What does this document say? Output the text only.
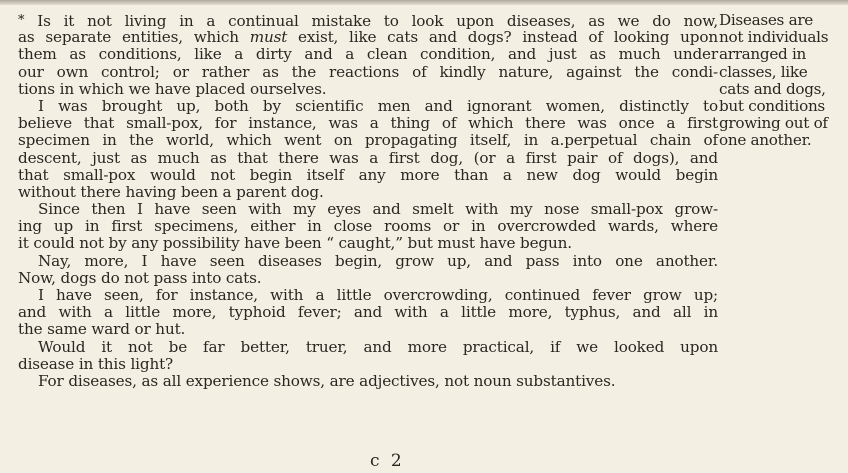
* Is it not living in a continual mistake to look upon diseases, as we do now,
as separate entities, which must exist, like cats and dogs? instead of looking upon
them as conditions, like a dirty and a clean condition, and just as much under
our own control; or rather as the reactions of kindly nature, against the condi-
tions in which we have placed ourselves.
I was brought up, both by scientific men and ignorant women, distinctly to
believe that small-pox, for instance, was a thing of which there was once a first
specimen in the world, which went on propagating itself, in a.perpetual chain of
descent, just as much as that there was a first dog, (or a first pair of dogs), and
that small-pox would not begin itself any more than a new dog would begin
without there having been a parent dog.
Since then I have seen with my eyes and smelt with my nose small-pox grow-
ing up in first specimens, either in close rooms or in overcrowded wards, where
it could not by any possibility have been “ caught,” but must have begun.
Nay, more, I have seen diseases begin, grow up, and pass into one another.
Now, dogs do not pass into cats.
I have seen, for instance, with a little overcrowding, continued fever grow up;
and with a little more, typhoid fever; and with a little more, typhus, and all in
the same ward or hut.
Would it not be far better, truer, and more practical, if we looked upon
disease in this light?
For diseases, as all experience shows, are adjectives, not noun substantives.
Diseases are
not individuals
arranged in
classes, like
cats and dogs,
but conditions
growing out of
one another.
c 2
